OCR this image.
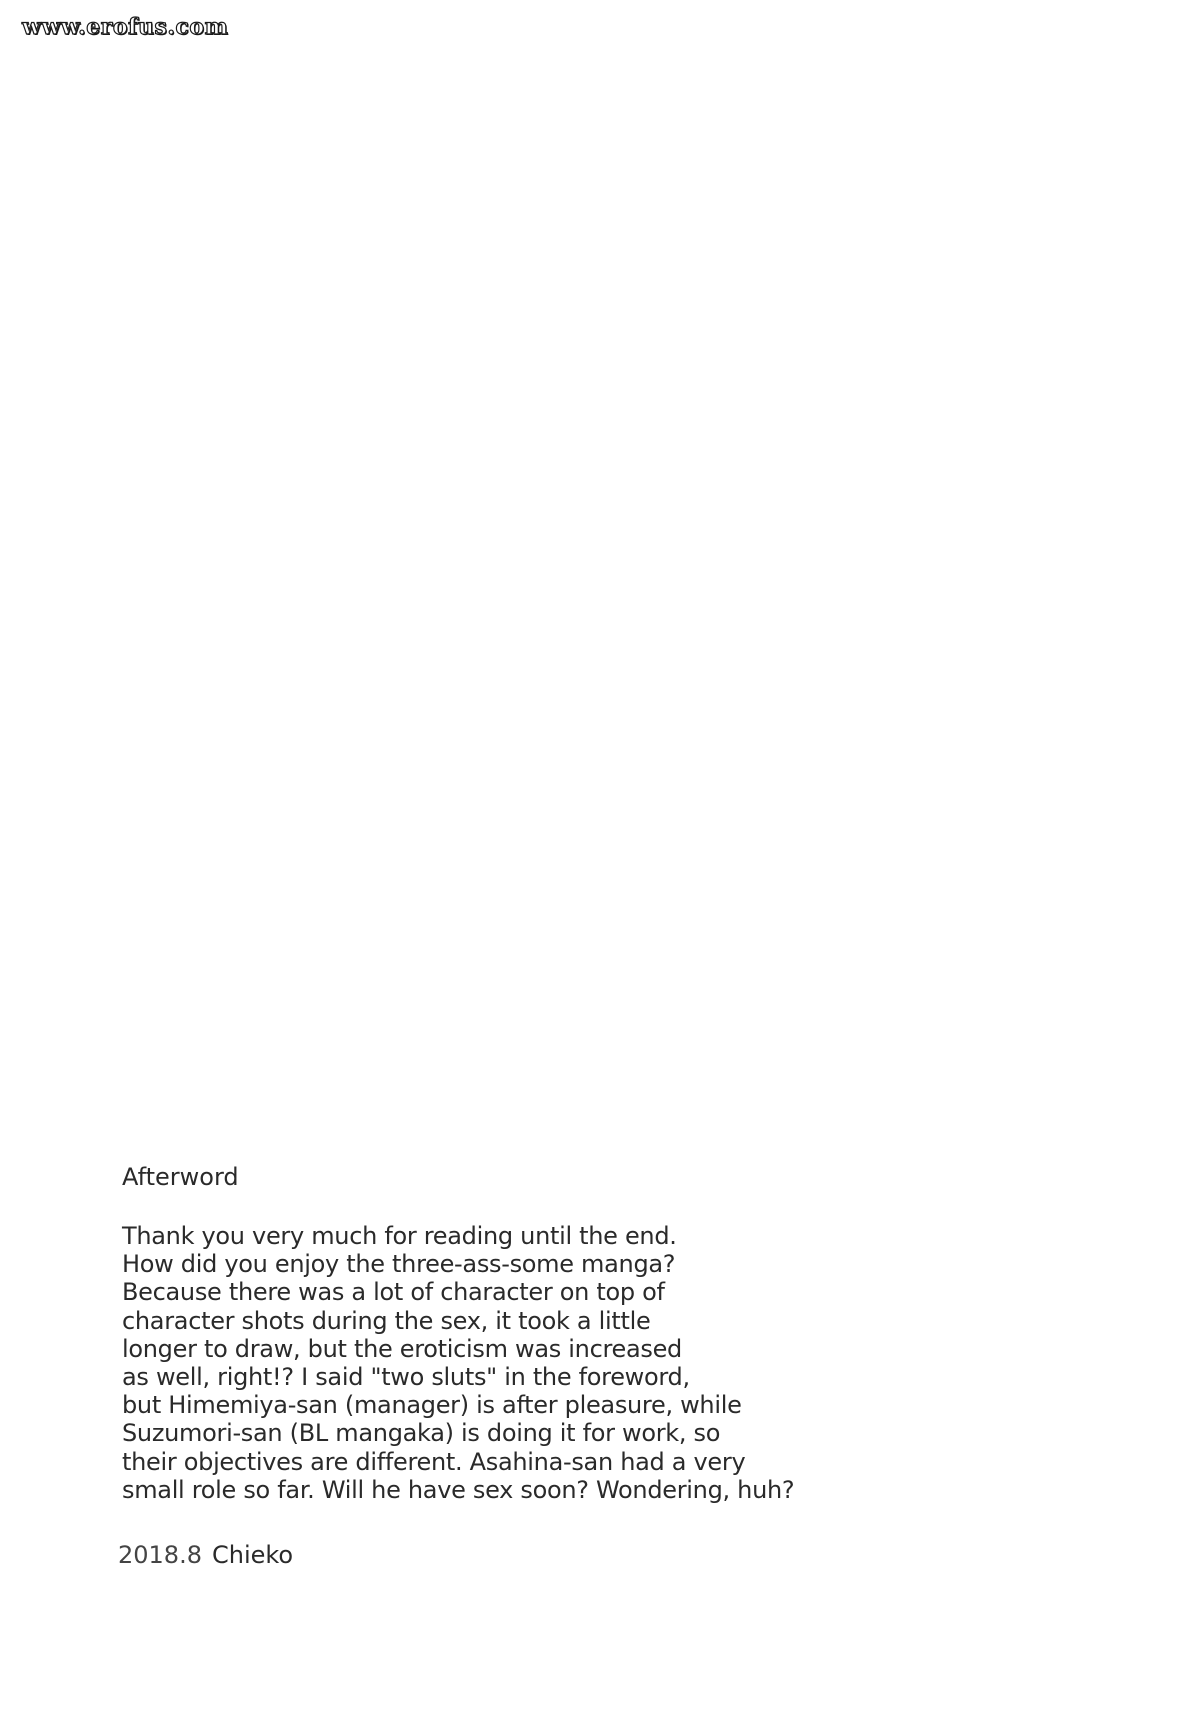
www.erofus.com
Afterword
Thank you very much for reading until the end.
How did you enjoy the three-ass-some manga?
Because there was a lot of character on top of
character shots during the sex, it took a little
longer to draw, but the eroticism was increased
as well, right!? I said "two sluts" in the foreword,
but Himemiya-san (manager) is after pleasure, while
Suzumori-san (BL mangaka) is doing it for work, so
their objectives are different. Asahina-san had a very
small role so far. Will he have sex soon? Wondering, huh?
2018.8 Chieko
